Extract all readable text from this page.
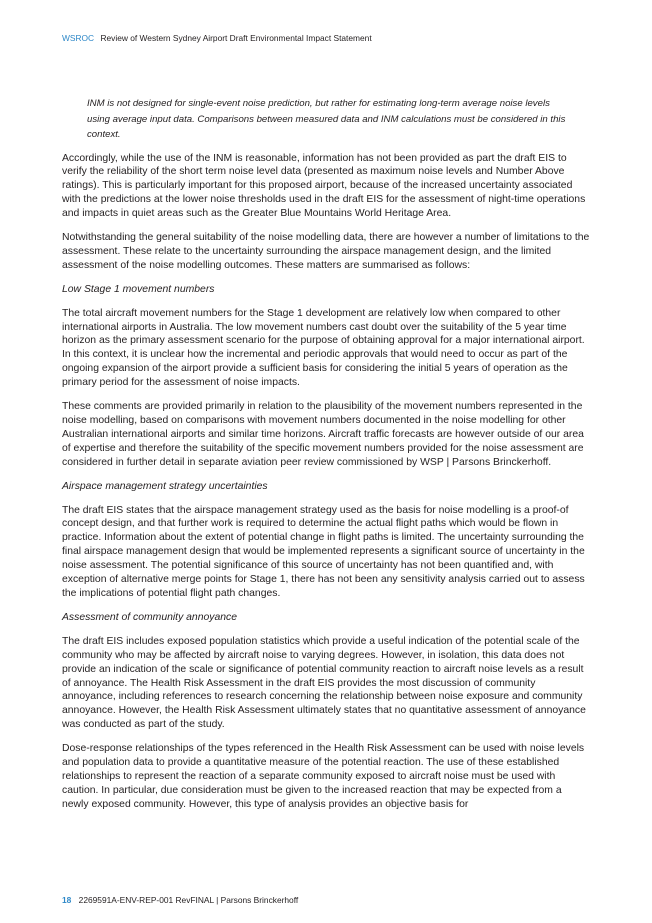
WSROC Review of Western Sydney Airport Draft Environmental Impact Statement
INM is not designed for single-event noise prediction, but rather for estimating long-term average noise levels using average input data. Comparisons between measured data and INM calculations must be considered in this context.

Accordingly, while the use of the INM is reasonable, information has not been provided as part the draft EIS to verify the reliability of the short term noise level data (presented as maximum noise levels and Number Above ratings). This is particularly important for this proposed airport, because of the increased uncertainty associated with the predictions at the lower noise thresholds used in the draft EIS for the assessment of night-time operations and impacts in quiet areas such as the Greater Blue Mountains World Heritage Area.

Notwithstanding the general suitability of the noise modelling data, there are however a number of limitations to the assessment. These relate to the uncertainty surrounding the airspace management design, and the limited assessment of the noise modelling outcomes. These matters are summarised as follows:

Low Stage 1 movement numbers

The total aircraft movement numbers for the Stage 1 development are relatively low when compared to other international airports in Australia. The low movement numbers cast doubt over the suitability of the 5 year time horizon as the primary assessment scenario for the purpose of obtaining approval for a major international airport. In this context, it is unclear how the incremental and periodic approvals that would need to occur as part of the ongoing expansion of the airport provide a sufficient basis for considering the initial 5 years of operation as the primary period for the assessment of noise impacts.

These comments are provided primarily in relation to the plausibility of the movement numbers represented in the noise modelling, based on comparisons with movement numbers documented in the noise modelling for other Australian international airports and similar time horizons. Aircraft traffic forecasts are however outside of our area of expertise and therefore the suitability of the specific movement numbers provided for the noise assessment are considered in further detail in separate aviation peer review commissioned by WSP | Parsons Brinckerhoff.

Airspace management strategy uncertainties

The draft EIS states that the airspace management strategy used as the basis for noise modelling is a proof-of concept design, and that further work is required to determine the actual flight paths which would be flown in practice. Information about the extent of potential change in flight paths is limited. The uncertainty surrounding the final airspace management design that would be implemented represents a significant source of uncertainty in the noise assessment. The potential significance of this source of uncertainty has not been quantified and, with exception of alternative merge points for Stage 1, there has not been any sensitivity analysis carried out to assess the implications of potential flight path changes.

Assessment of community annoyance

The draft EIS includes exposed population statistics which provide a useful indication of the potential scale of the community who may be affected by aircraft noise to varying degrees. However, in isolation, this data does not provide an indication of the scale or significance of potential community reaction to aircraft noise levels as a result of annoyance. The Health Risk Assessment in the draft EIS provides the most discussion of community annoyance, including references to research concerning the relationship between noise exposure and community annoyance. However, the Health Risk Assessment ultimately states that no quantitative assessment of annoyance was conducted as part of the study.

Dose-response relationships of the types referenced in the Health Risk Assessment can be used with noise levels and population data to provide a quantitative measure of the potential reaction. The use of these established relationships to represent the reaction of a separate community exposed to aircraft noise must be used with caution. In particular, due consideration must be given to the increased reaction that may be expected from a newly exposed community. However, this type of analysis provides an objective basis for

18 2269591A-ENV-REP-001 RevFINAL | Parsons Brinckerhoff
